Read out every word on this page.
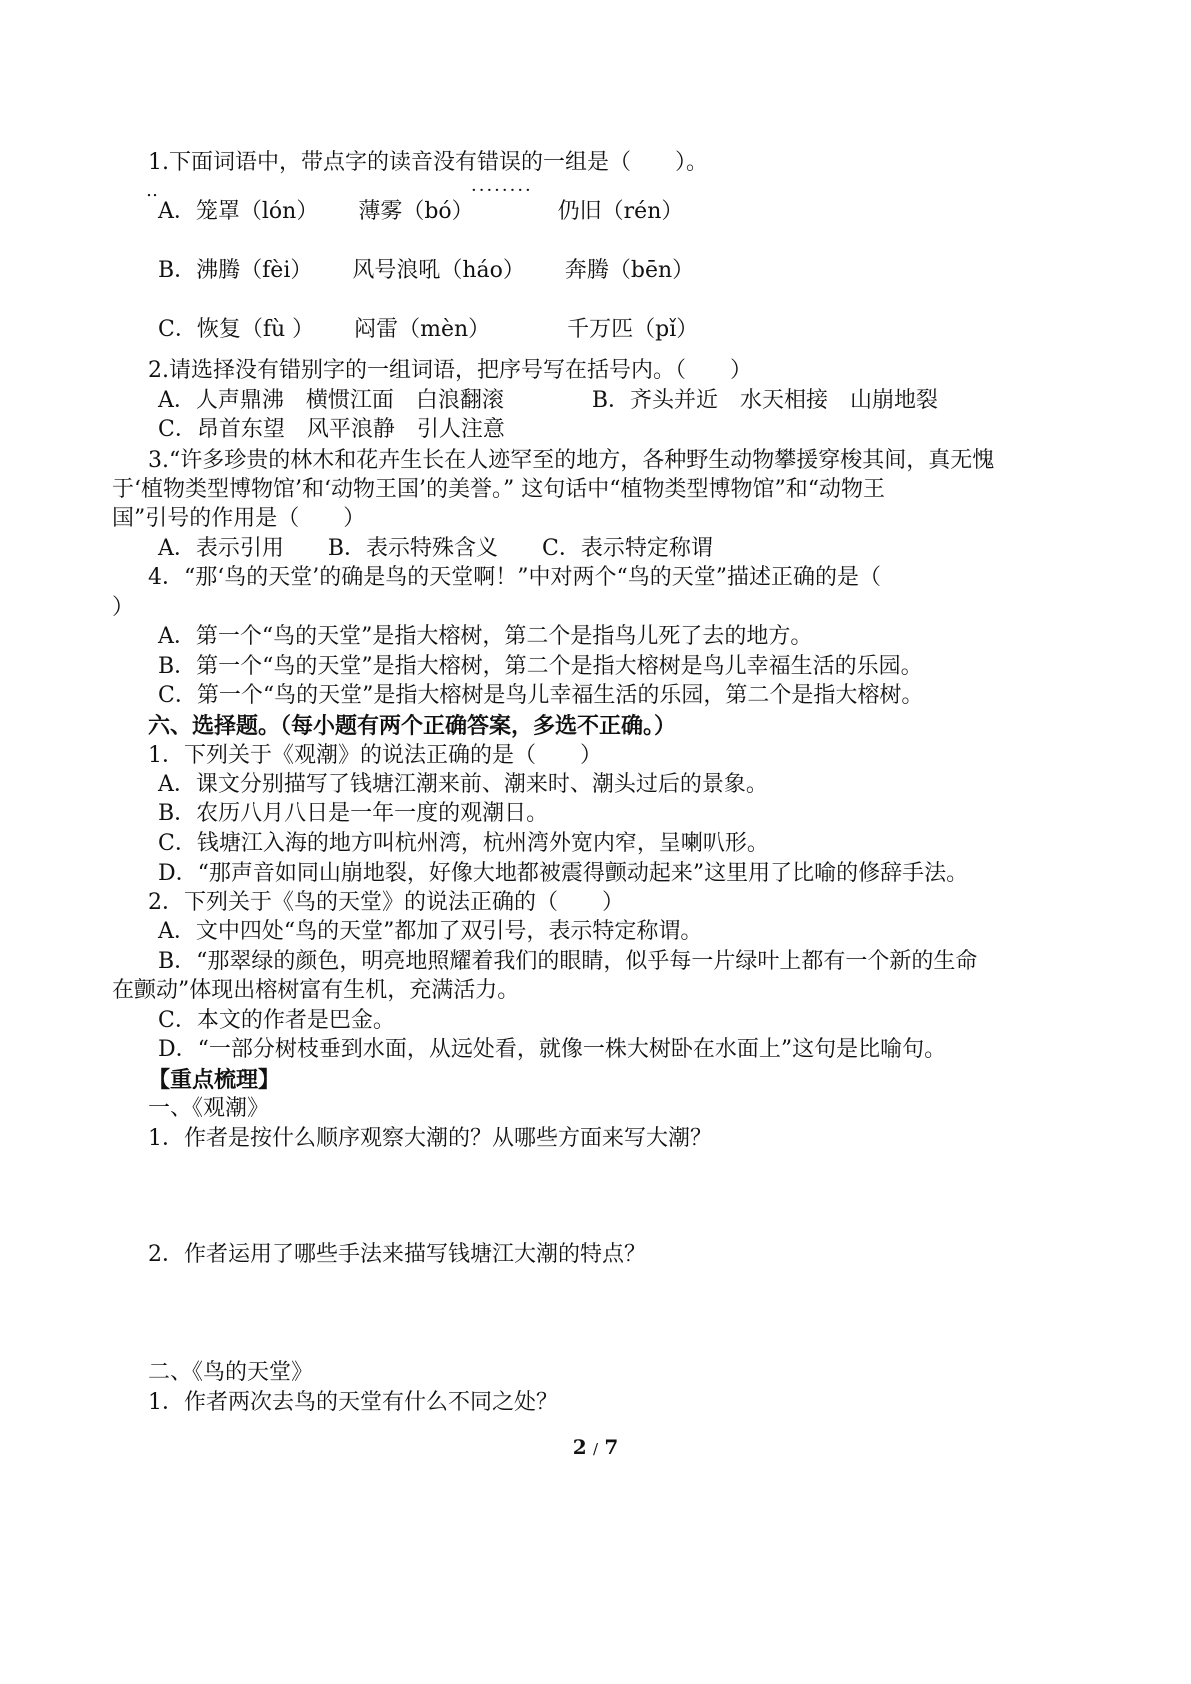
1.下面词语中，带点字的读音没有错误的一组是（　　）。
‥	········
A．笼罩（lón）　　 薄雾（bó）　　　　 仍旧（rén）
B．沸腾（fèi）　　 风号浪吼（háo）　　 奔腾（bēn）
C．恢复（fù ）　　 闷雷（mèn）　　　　千万匹（pǐ）
2.请选择没有错别字的一组词语，把序号写在括号内。（　　）
A．人声鼎沸　横惯江面　白浪翻滚　　　　B．齐头并近　水天相接　山崩地裂
C．昂首东望　风平浪静　引人注意
3.“许多珍贵的林木和花卉生长在人迹罕至的地方，各种野生动物攀援穿梭其间，真无愧
于‘植物类型博物馆’和‘动物王国’的美誉。” 这句话中“植物类型博物馆”和“动物王
国”引号的作用是（　　）
A．表示引用　　B．表示特殊含义　　C．表示特定称谓
4．“那‘鸟的天堂’的确是鸟的天堂啊！”中对两个“鸟的天堂”描述正确的是（
）
A．第一个“鸟的天堂”是指大榕树，第二个是指鸟儿死了去的地方。
B．第一个“鸟的天堂”是指大榕树，第二个是指大榕树是鸟儿幸福生活的乐园。
C．第一个“鸟的天堂”是指大榕树是鸟儿幸福生活的乐园，第二个是指大榕树。
六、选择题。（每小题有两个正确答案，多选不正确。）
1．下列关于《观潮》的说法正确的是（　　）
A．课文分别描写了钱塘江潮来前、潮来时、潮头过后的景象。
B．农历八月八日是一年一度的观潮日。
C．钱塘江入海的地方叫杭州湾，杭州湾外宽内窄，呈喇叭形。
D．“那声音如同山崩地裂，好像大地都被震得颤动起来”这里用了比喻的修辞手法。
2．下列关于《鸟的天堂》的说法正确的（　　）
A．文中四处“鸟的天堂”都加了双引号，表示特定称谓。
B．“那翠绿的颜色，明亮地照耀着我们的眼睛，似乎每一片绿叶上都有一个新的生命
在颤动”体现出榕树富有生机，充满活力。
C．本文的作者是巴金。
D．“一部分树枝垂到水面，从远处看，就像一株大树卧在水面上”这句是比喻句。
【重点梳理】
一、《观潮》
1．作者是按什么顺序观察大潮的？从哪些方面来写大潮？
2．作者运用了哪些手法来描写钱塘江大潮的特点？
二、《鸟的天堂》
1．作者两次去鸟的天堂有什么不同之处？
2 / 7
